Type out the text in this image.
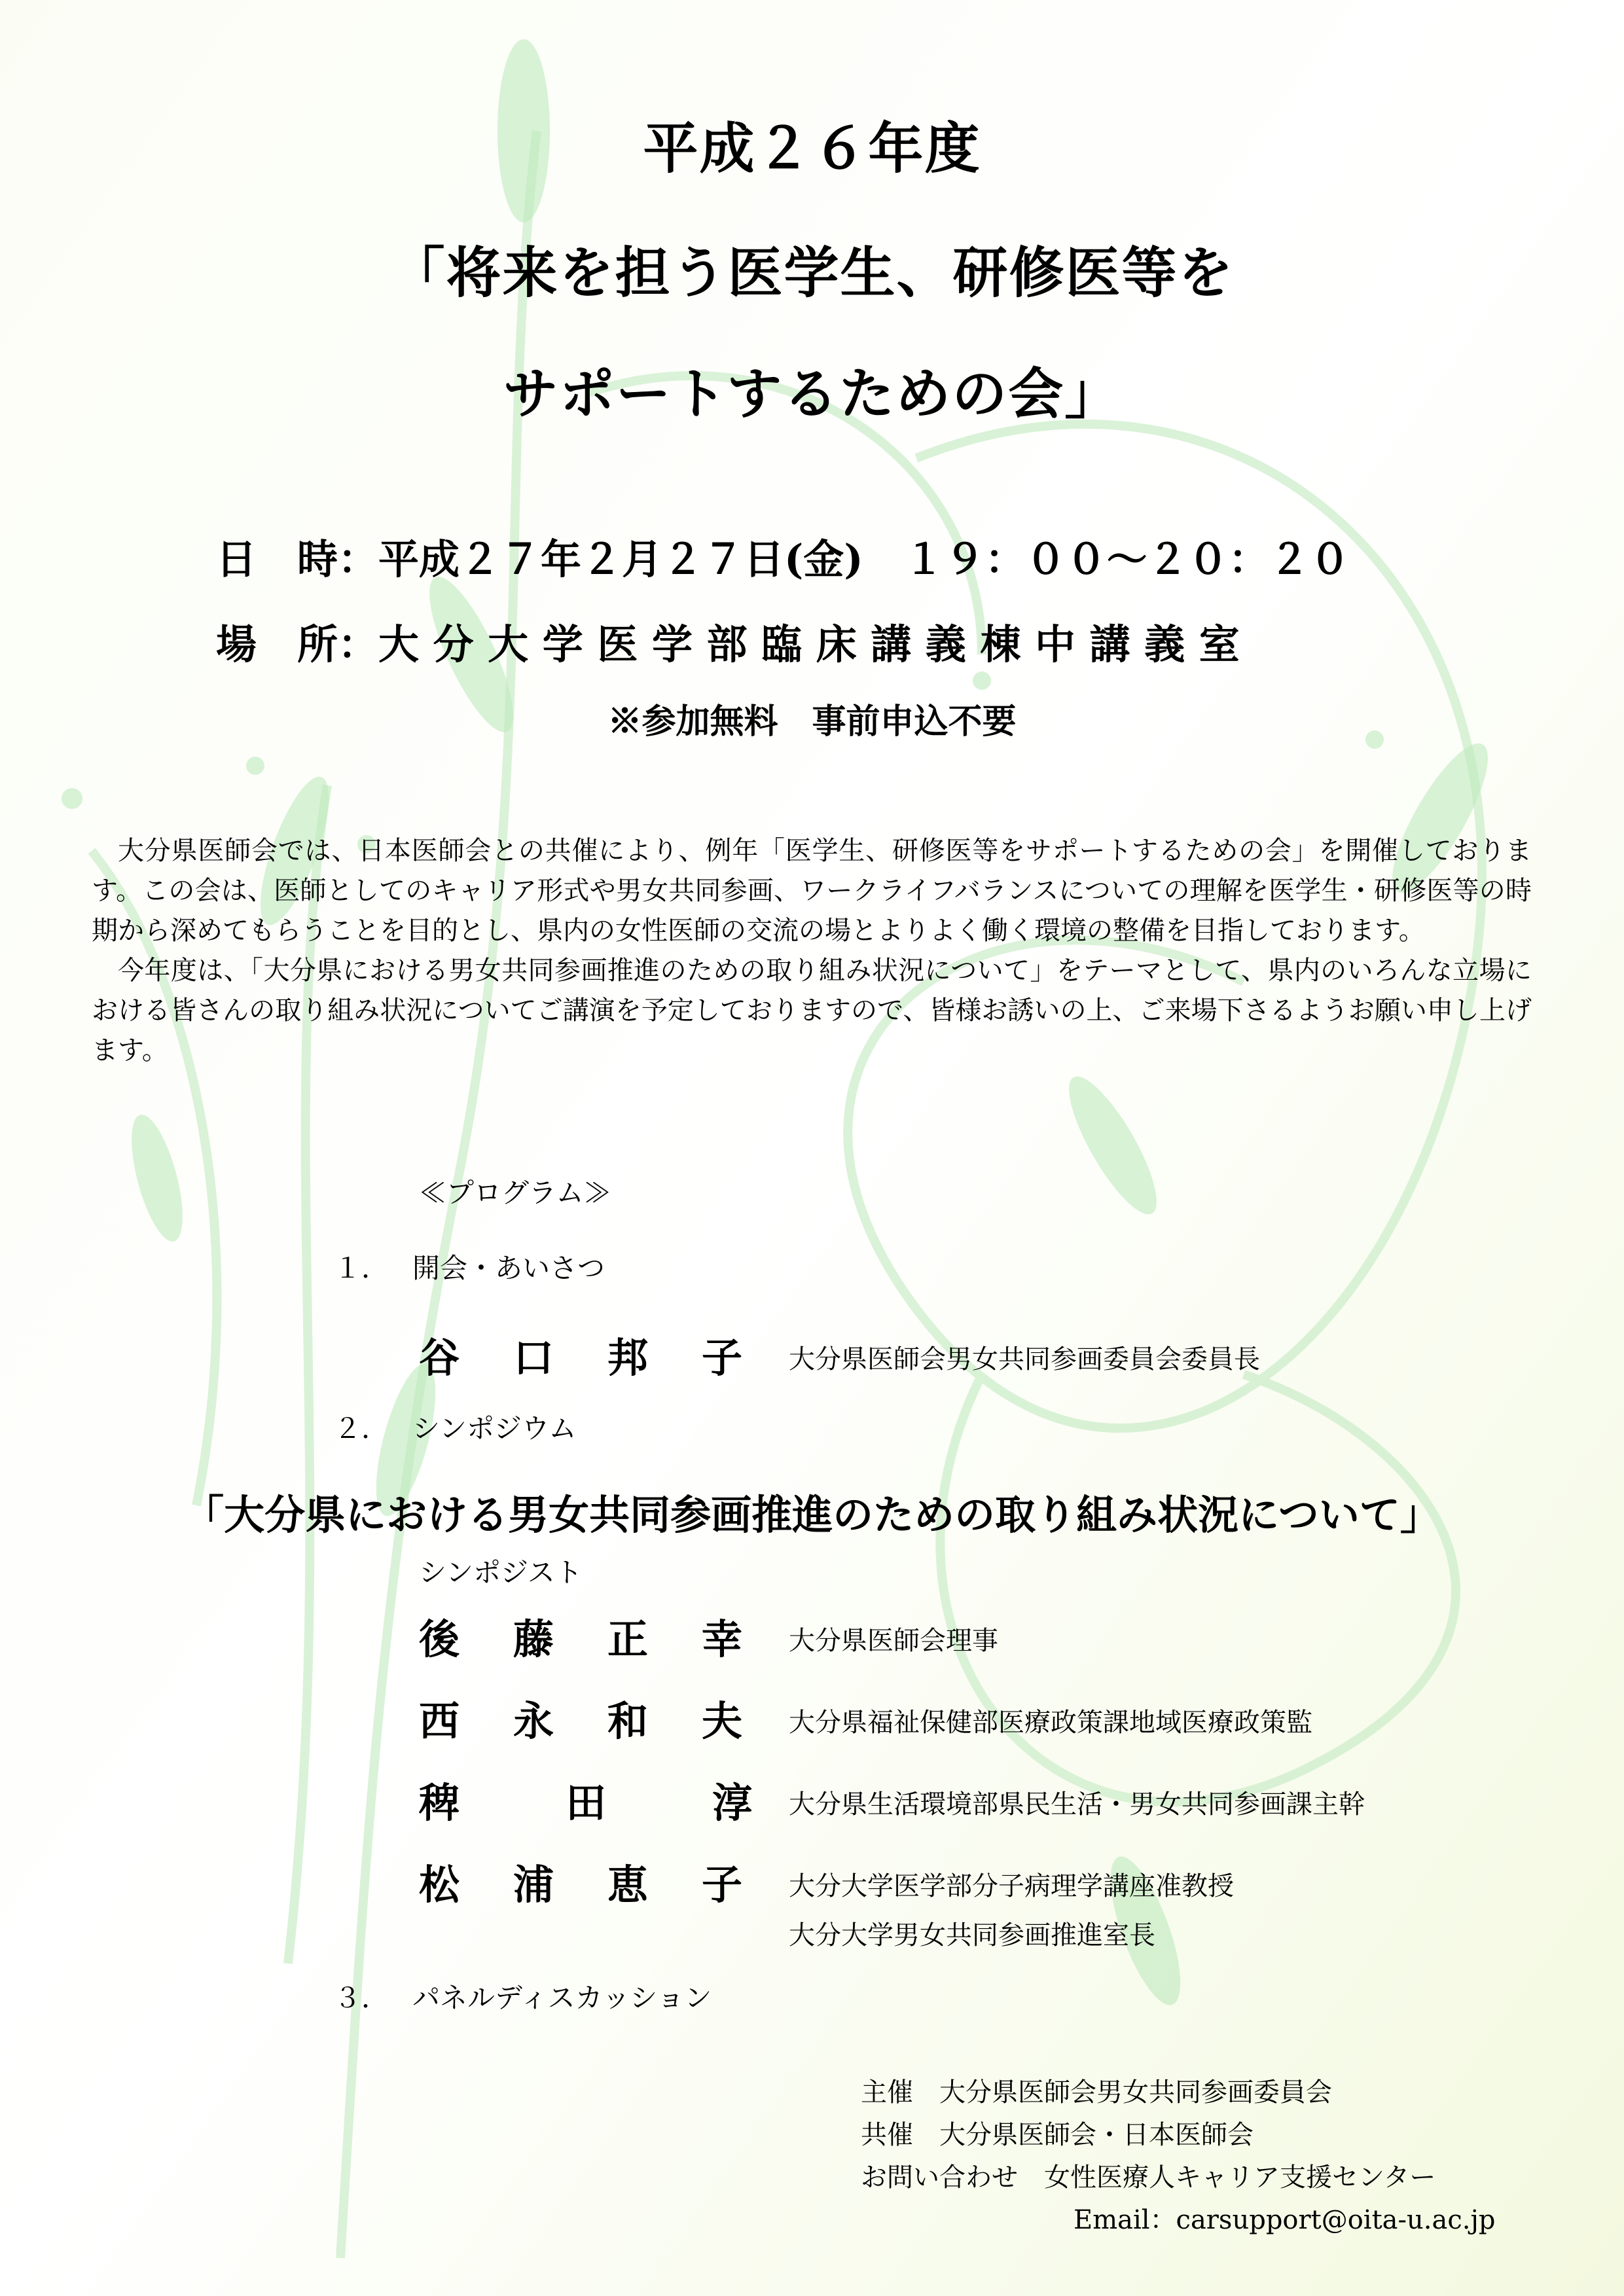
平成２６年度
「将来を担う医学生、研修医等を
サポートするための会」
日　時：平成２７年２月２７日(金)　１９：００～２０：２０
場　所：大 分 大 学 医 学 部 臨 床 講 義 棟 中 講 義 室
※参加無料　事前申込不要

大分県医師会では、日本医師会との共催により、例年「医学生、研修医等をサポートするための会」を開催しております。この会は、医師としてのキャリア形式や男女共同参画、ワークライフバランスについての理解を医学生・研修医等の時期から深めてもらうことを目的とし、県内の女性医師の交流の場とよりよく働く環境の整備を目指しております。

今年度は、「大分県における男女共同参画推進のための取り組み状況について」をテーマとして、県内のいろんな立場における皆さんの取り組み状況についてご講演を予定しておりますので、皆様お誘いの上、ご来場下さるようお願い申し上げます。

≪プログラム≫
１． 開会・あいさつ
谷口邦子
大分県医師会男女共同参画委員会委員長
２． シンポジウム
「大分県における男女共同参画推進のための取り組み状況について」
シンポジスト
後藤正幸
大分県医師会理事
西永和夫
大分県福祉保健部医療政策課地域医療政策監
稗田淳
大分県生活環境部県民生活・男女共同参画課主幹
松浦恵子
大分大学医学部分子病理学講座准教授
大分大学男女共同参画推進室長
３． パネルディスカッション
主催　大分県医師会男女共同参画委員会
共催　大分県医師会・日本医師会
お問い合わせ　女性医療人キャリア支援センター
Email：carsupport@oita-u.ac.jp
